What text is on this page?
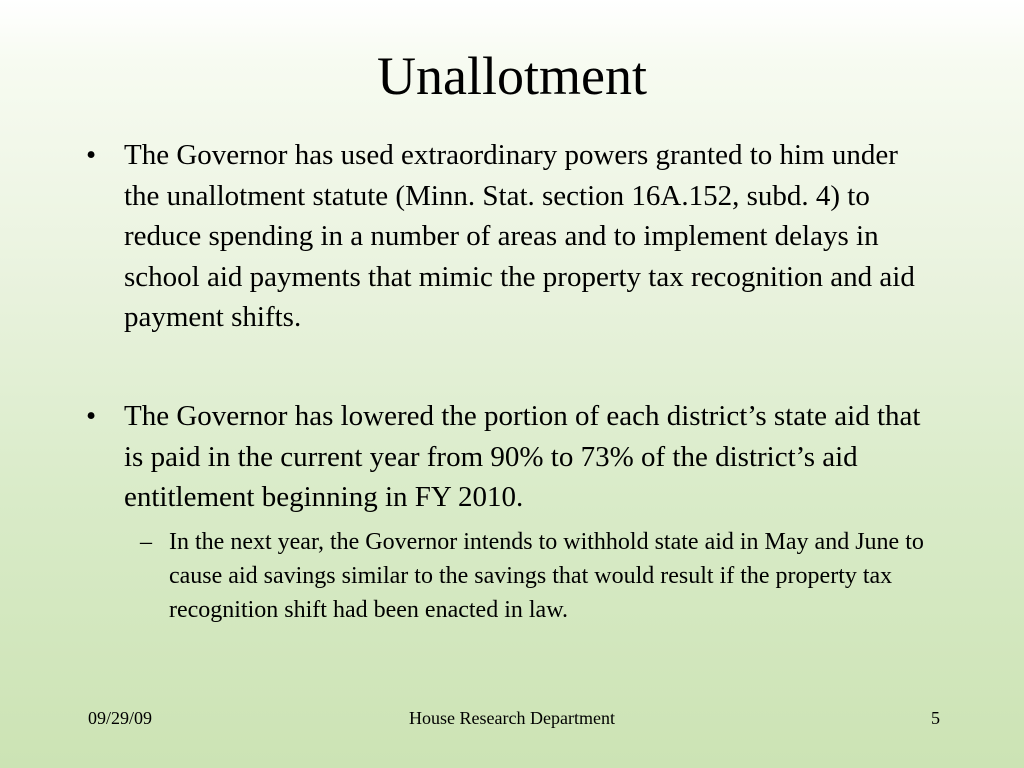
Unallotment
• The Governor has used extraordinary powers granted to him under the unallotment statute (Minn. Stat. section 16A.152, subd. 4) to reduce spending in a number of areas and to implement delays in school aid payments that mimic the property tax recognition and aid payment shifts.
• The Governor has lowered the portion of each district’s state aid that is paid in the current year from 90% to 73% of the district’s aid entitlement beginning in FY 2010.
– In the next year, the Governor intends to withhold state aid in May and June to cause aid savings similar to the savings that would result if the property tax recognition shift had been enacted in law.
09/29/09	House Research Department	5
